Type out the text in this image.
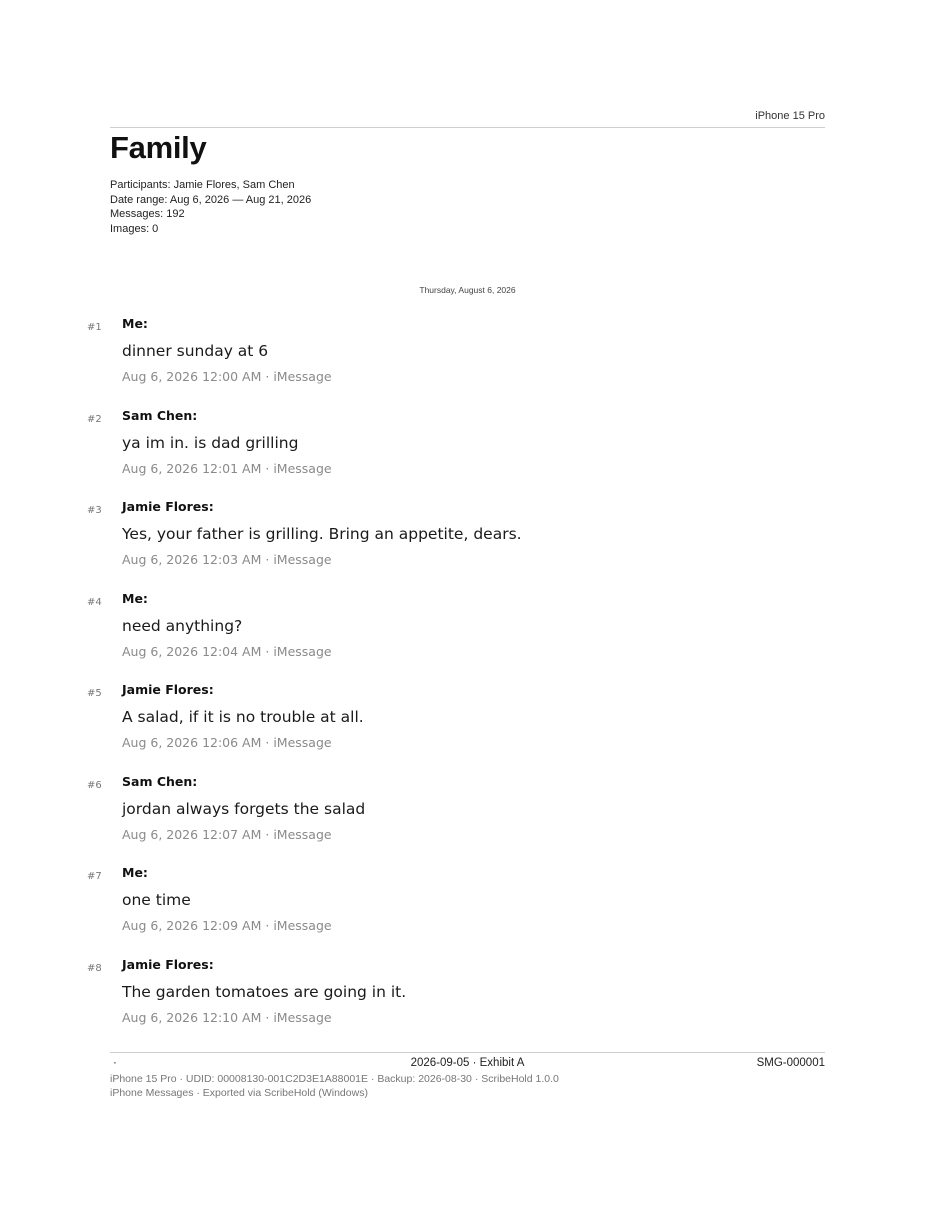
iPhone 15 Pro
Family
Participants: Jamie Flores, Sam Chen
Date range: Aug 6, 2026 — Aug 21, 2026
Messages: 192
Images: 0
Thursday, August 6, 2026
#1 Me:
dinner sunday at 6
Aug 6, 2026 12:00 AM · iMessage
#2 Sam Chen:
ya im in. is dad grilling
Aug 6, 2026 12:01 AM · iMessage
#3 Jamie Flores:
Yes, your father is grilling. Bring an appetite, dears.
Aug 6, 2026 12:03 AM · iMessage
#4 Me:
need anything?
Aug 6, 2026 12:04 AM · iMessage
#5 Jamie Flores:
A salad, if it is no trouble at all.
Aug 6, 2026 12:06 AM · iMessage
#6 Sam Chen:
jordan always forgets the salad
Aug 6, 2026 12:07 AM · iMessage
#7 Me:
one time
Aug 6, 2026 12:09 AM · iMessage
#8 Jamie Flores:
The garden tomatoes are going in it.
Aug 6, 2026 12:10 AM · iMessage
2026-09-05 · Exhibit A
·	SMG-000001
iPhone 15 Pro · UDID: 00008130-001C2D3E1A88001E · Backup: 2026-08-30 · ScribeHold 1.0.0
iPhone Messages · Exported via ScribeHold (Windows)
